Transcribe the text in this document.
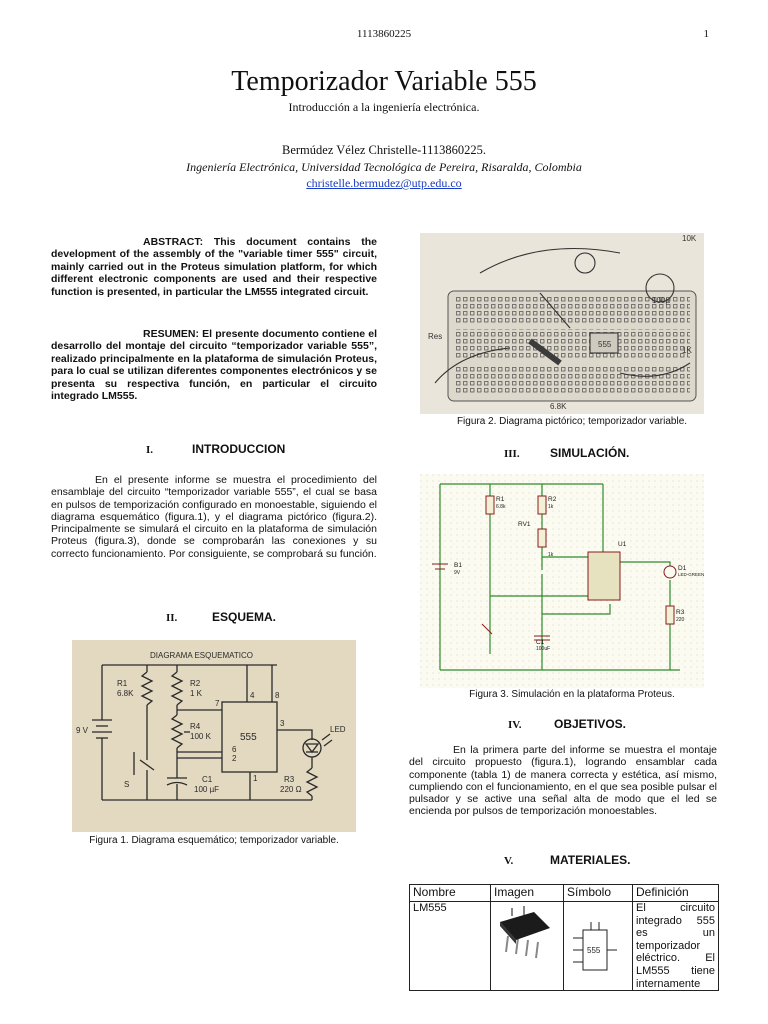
1113860225	1
Temporizador Variable 555
Introducción a la ingeniería electrónica.
Bermúdez Vélez Christelle-1113860225.
Ingeniería Electrónica, Universidad Tecnológica de Pereira, Risaralda, Colombia
christelle.bermudez@utp.edu.co

ABSTRACT: This document contains the development of the assembly of the "variable timer 555" circuit, mainly carried out in the Proteus simulation platform, for which different electronic components are used and their respective function is presented, in particular the LM555 integrated circuit.

RESUMEN: El presente documento contiene el desarrollo del montaje del circuito “temporizador variable 555”, realizado principalmente en la plataforma de simulación Proteus, para lo cual se utilizan diferentes componentes electrónicos y se presenta su respectiva función, en particular el circuito integrado LM555.

I.	INTRODUCCION

En el presente informe se muestra el procedimiento del ensamblaje del circuito “temporizador variable 555”, el cual se basa en pulsos de temporización configurado en monoestable, siguiendo el diagrama esquemático (figura.1), y el diagrama pictórico (figura.2). Principalmente se simulará el circuito en la plataforma de simulación Proteus (figura.3), donde se comprobarán las conexiones y su correcto funcionamiento. Por consiguiente, se comprobará su función.

II.	ESQUEMA.
DIAGRAMA ESQUEMATICO
R1
6.8K
R2
1 K
R4
100 K
9 V
S
C1
100 µF
555
LED
R3
220 Ω
4	8
7
6
2
1
3
Figura 1. Diagrama esquemático; temporizador variable.
555
6.8K
Res
100µ
1K
10K
Figura 2. Diagrama pictórico; temporizador variable.
III.	SIMULACIÓN.
R1
6.8k
R2
1k
RV1
1k
B1
9V
U1
C1
100uF
D1
LED-GREEN
R3
220
Figura 3. Simulación en la plataforma Proteus.
IV.	OBJETIVOS.

En la primera parte del informe se muestra el montaje del circuito propuesto (figura.1), logrando ensamblar cada componente (tabla 1) de manera correcta y estética, así mismo, cumpliendo con el funcionamiento, en el que sea posible pulsar el pulsador y se active una señal alta de modo que el led se encienda por pulsos de temporización monoestables.

V.	MATERIALES.
Nombre	Imagen	Símbolo	Definición
LM555		555	El circuito integrado 555 es un temporizador eléctrico. El LM555 tiene internamente
